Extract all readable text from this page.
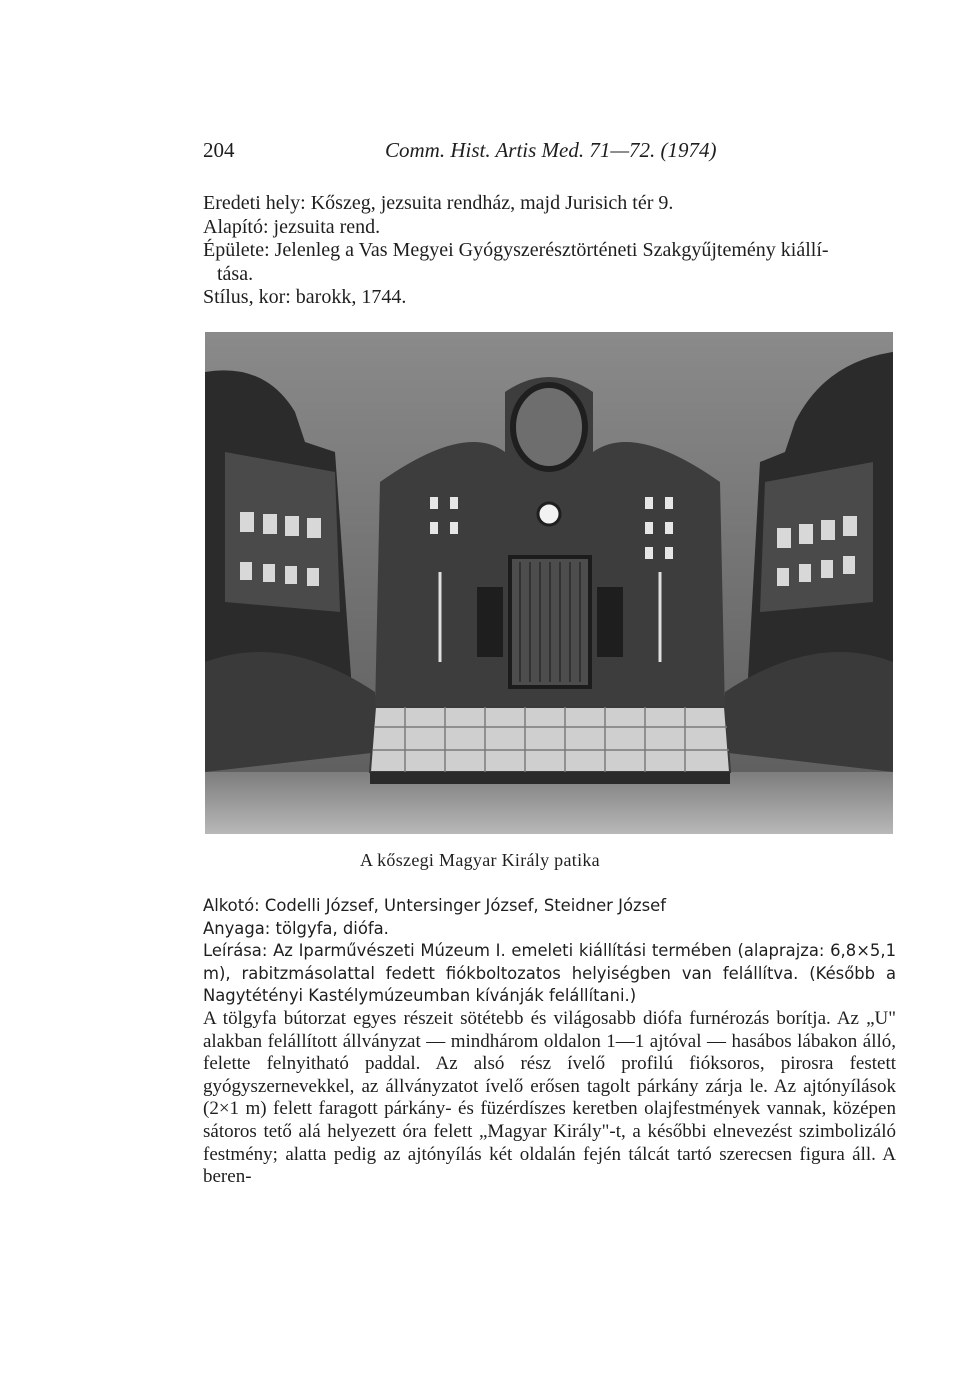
204	Comm. Hist. Artis Med. 71—72. (1974)
Eredeti hely: Kőszeg, jezsuita rendház, majd Jurisich tér 9.
Alapító: jezsuita rend.
Épülete: Jelenleg a Vas Megyei Gyógyszerésztörténeti Szakgyűjtemény kiállí-
tása.
Stílus, kor: barokk, 1744.
A kőszegi Magyar Király patika

Alkotó: Codelli József, Untersinger József, Steidner József

Anyaga: tölgyfa, diófa.

Leírása: Az Iparművészeti Múzeum I. emeleti kiállítási termében (alaprajza: 6,8×5,1 m), rabitzmásolattal fedett fiókboltozatos helyiségben van felállítva. (Később a Nagytétényi Kastélymúzeumban kívánják felállítani.)

A tölgyfa bútorzat egyes részeit sötétebb és világosabb diófa furnérozás borítja. Az „U" alakban felállított állványzat — mindhárom oldalon 1—1 ajtóval — hasábos lábakon álló, felette felnyitható paddal. Az alsó rész ívelő profilú fióksoros, pirosra festett gyógyszernevekkel, az állványzatot ívelő erősen tagolt párkány zárja le. Az ajtónyílások (2×1 m) felett faragott párkány- és füzérdíszes keretben olajfestmények vannak, középen sátoros tető alá helyezett óra felett „Magyar Király"-t, a későbbi elnevezést szimbolizáló festmény; alatta pedig az ajtónyílás két oldalán fején tálcát tartó szerecsen figura áll. A beren-
